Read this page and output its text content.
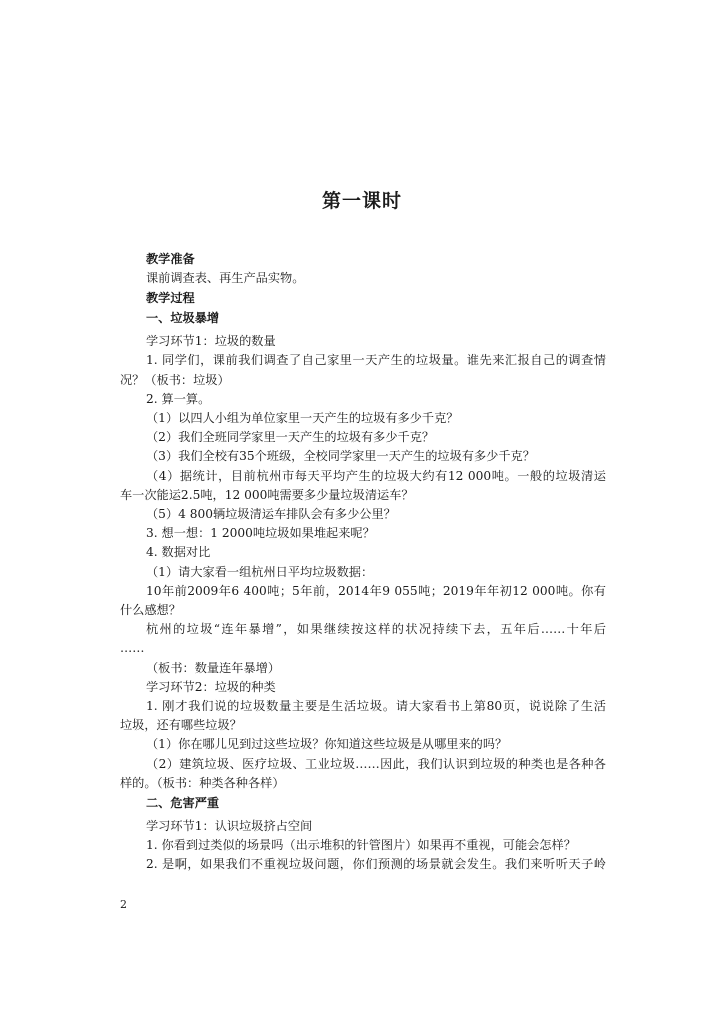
第一课时
教学准备
课前调查表、再生产品实物。
教学过程
一、垃圾暴增
学习环节1：垃圾的数量
1. 同学们，课前我们调查了自己家里一天产生的垃圾量。谁先来汇报自己的调查情
况？（板书：垃圾）
2. 算一算。
（1）以四人小组为单位家里一天产生的垃圾有多少千克？
（2）我们全班同学家里一天产生的垃圾有多少千克？
（3）我们全校有35个班级，全校同学家里一天产生的垃圾有多少千克？
（4）据统计，目前杭州市每天平均产生的垃圾大约有12 000吨。一般的垃圾清运
车一次能运2.5吨，12 000吨需要多少量垃圾清运车？
（5）4 800辆垃圾清运车排队会有多少公里？
3. 想一想：1 2000吨垃圾如果堆起来呢？
4. 数据对比
（1）请大家看一组杭州日平均垃圾数据：
10年前2009年6 400吨；5年前，2014年9 055吨；2019年年初12 000吨。你有
什么感想？
杭州的垃圾“连年暴增”，如果继续按这样的状况持续下去，五年后……十年后
……
（板书：数量连年暴增）
学习环节2：垃圾的种类
1. 刚才我们说的垃圾数量主要是生活垃圾。请大家看书上第80页，说说除了生活
垃圾，还有哪些垃圾？
（1）你在哪儿见到过这些垃圾？你知道这些垃圾是从哪里来的吗？
（2）建筑垃圾、医疗垃圾、工业垃圾……因此，我们认识到垃圾的种类也是各种各
样的。（板书：种类各种各样）
二、危害严重
学习环节1：认识垃圾挤占空间
1. 你看到过类似的场景吗（出示堆积的针管图片）如果再不重视，可能会怎样？
2. 是啊，如果我们不重视垃圾问题，你们预测的场景就会发生。我们来听听天子岭
2
